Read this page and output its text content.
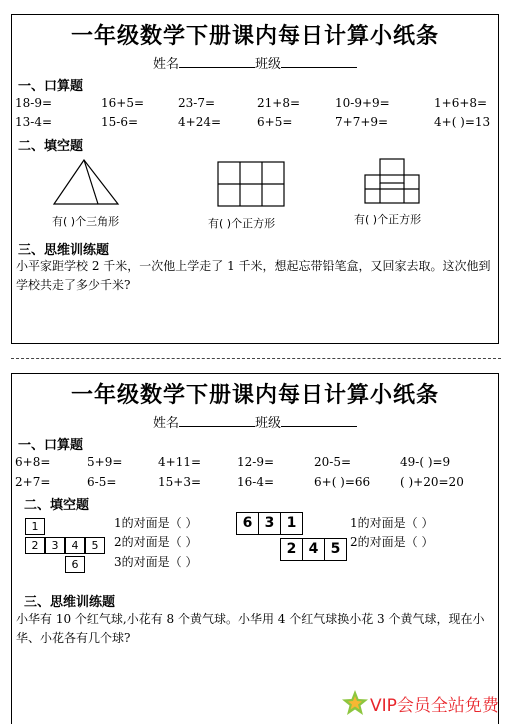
一年级数学下册课内每日计算小纸条
姓名	班级
一、口算题
18-9=	16+5=	23-7=	21+8=	10-9+9=	1+6+8=
13-4=	15-6=	4+24=	6+5=	7+7+9=	4+( )=13
二、填空题
有( )个三角形	有( )个正方形	有( )个正方形
三、思维训练题
小平家距学校 2 千米，一次他上学走了 1 千米，想起忘带铅笔盒，又回家去取。这次他到学校共走了多少千米?
一年级数学下册课内每日计算小纸条
姓名	班级
一、口算题
6+8=	5+9=	4+11=	12-9=	20-5=	49-( )=9
2+7=	6-5=	15+3=	16-4=	6+( )=66 ( )+20=20
二、填空题
1
2	3	4	5
6
1的对面是（ ）
2的对面是（ ）
3的对面是（ ）
6 3 1
2 4 5
1的对面是（ ）
2的对面是（ ）
三、思维训练题
小华有 10 个红气球,小花有 8 个黄气球。小华用 4 个红气球换小花 3 个黄气球，现在小华、小花各有几个球?
VIP会员全站免费
